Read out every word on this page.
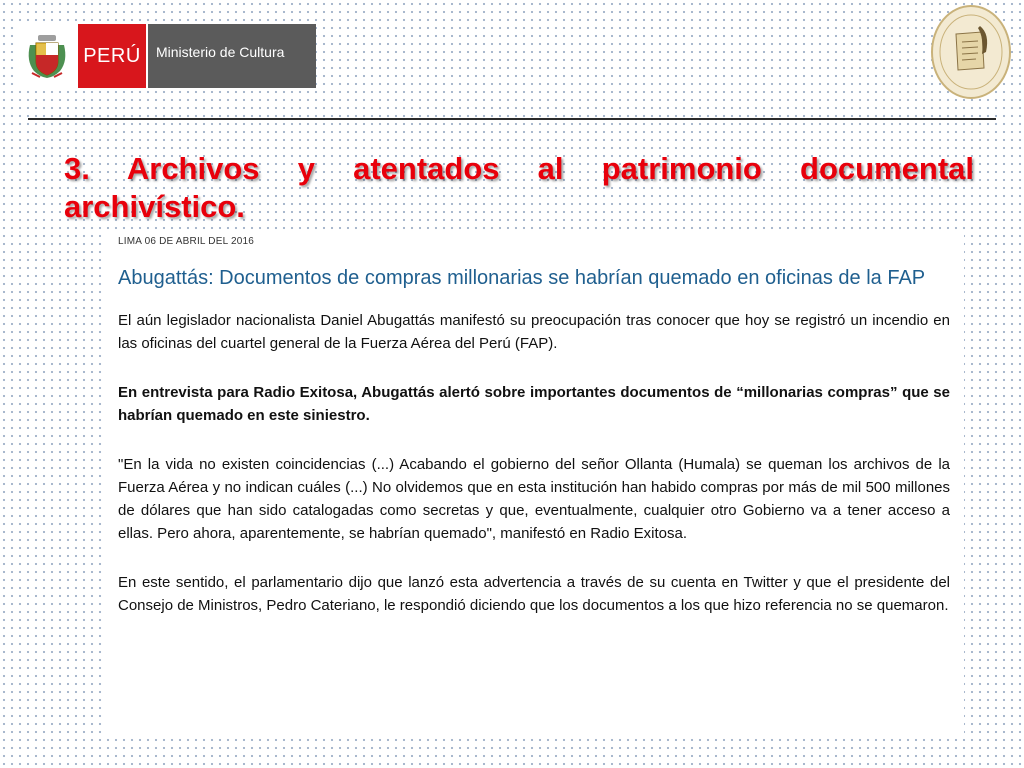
PERÚ	Ministerio de Cultura
3. Archivos y atentados al patrimonio documental archivístico.

LIMA 06 DE ABRIL DEL 2016

Abugattás: Documentos de compras millonarias se habrían quemado en oficinas de la FAP

El aún legislador nacionalista Daniel Abugattás manifestó su preocupación tras conocer que hoy se registró un incendio en las oficinas del cuartel general de la Fuerza Aérea del Perú (FAP).

En entrevista para Radio Exitosa, Abugattás alertó sobre importantes documentos de “millonarias compras” que se habrían quemado en este siniestro.

"En la vida no existen coincidencias (...) Acabando el gobierno del señor Ollanta (Humala) se queman los archivos de la Fuerza Aérea y no indican cuáles (...) No olvidemos que en esta institución han habido compras por más de mil 500 millones de dólares que han sido catalogadas como secretas y que, eventualmente, cualquier otro Gobierno va a tener acceso a ellas. Pero ahora, aparentemente, se habrían quemado", manifestó en Radio Exitosa.

En este sentido, el parlamentario dijo que lanzó esta advertencia a través de su cuenta en Twitter y que el presidente del Consejo de Ministros, Pedro Cateriano, le respondió diciendo que los documentos a los que hizo referencia no se quemaron.
